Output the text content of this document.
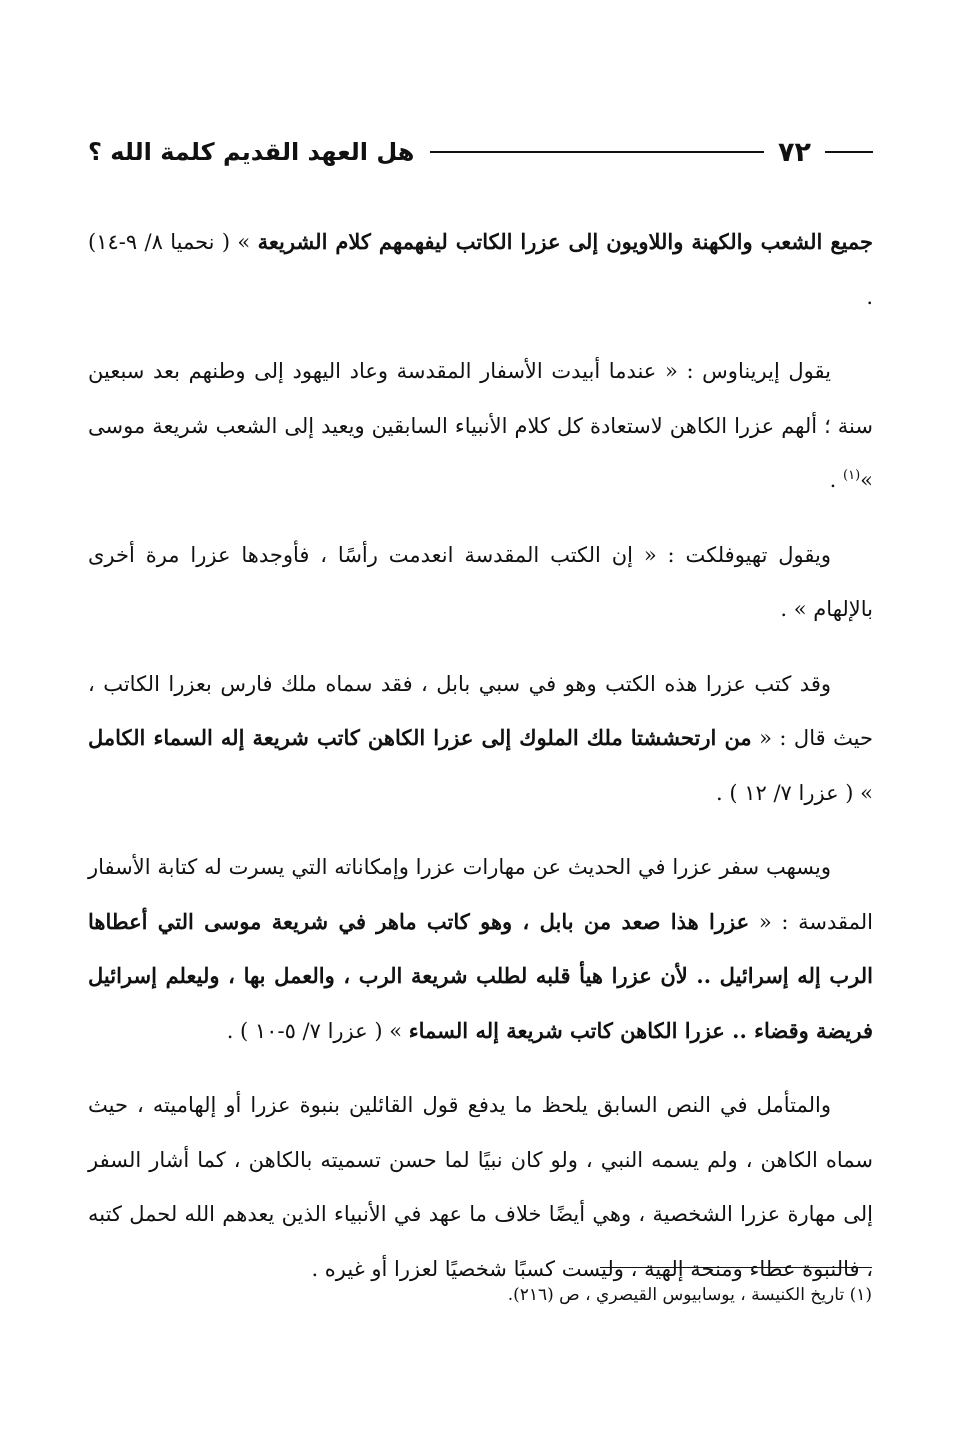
٧٢
هل العهد القديم كلمة الله ؟

جميع الشعب والكهنة واللاويون إلى عزرا الكاتب ليفهمهم كلام الشريعة » ( نحميا ٨/ ٩-١٤) .

يقول إيريناوس : « عندما أبيدت الأسفار المقدسة وعاد اليهود إلى وطنهم بعد سبعين سنة ؛ ألهم عزرا الكاهن لاستعادة كل كلام الأنبياء السابقين ويعيد إلى الشعب شريعة موسى »$^{(١)}$ .

ويقول تهيوفلكت : « إن الكتب المقدسة انعدمت رأسًا ، فأوجدها عزرا مرة أخرى بالإلهام » .

وقد كتب عزرا هذه الكتب وهو في سبي بابل ، فقد سماه ملك فارس بعزرا الكاتب ، حيث قال : « من ارتحششتا ملك الملوك إلى عزرا الكاهن كاتب شريعة إله السماء الكامل » ( عزرا ٧/ ١٢ ) .

ويسهب سفر عزرا في الحديث عن مهارات عزرا وإمكاناته التي يسرت له كتابة الأسفار المقدسة : « عزرا هذا صعد من بابل ، وهو كاتب ماهر في شريعة موسى التي أعطاها الرب إله إسرائيل .. لأن عزرا هيأ قلبه لطلب شريعة الرب ، والعمل بها ، وليعلم إسرائيل فريضة وقضاء .. عزرا الكاهن كاتب شريعة إله السماء » ( عزرا ٧/ ٥-١٠ ) .

والمتأمل في النص السابق يلحظ ما يدفع قول القائلين بنبوة عزرا أو إلهاميته ، حيث سماه الكاهن ، ولم يسمه النبي ، ولو كان نبيًا لما حسن تسميته بالكاهن ، كما أشار السفر إلى مهارة عزرا الشخصية ، وهي أيضًا خلاف ما عهد في الأنبياء الذين يعدهم الله لحمل كتبه ، فالنبوة عطاء ومنحة إلهية ، وليست كسبًا شخصيًا لعزرا أو غيره .

(١) تاريخ الكنيسة ، يوسابيوس القيصري ، ص (٢١٦).
